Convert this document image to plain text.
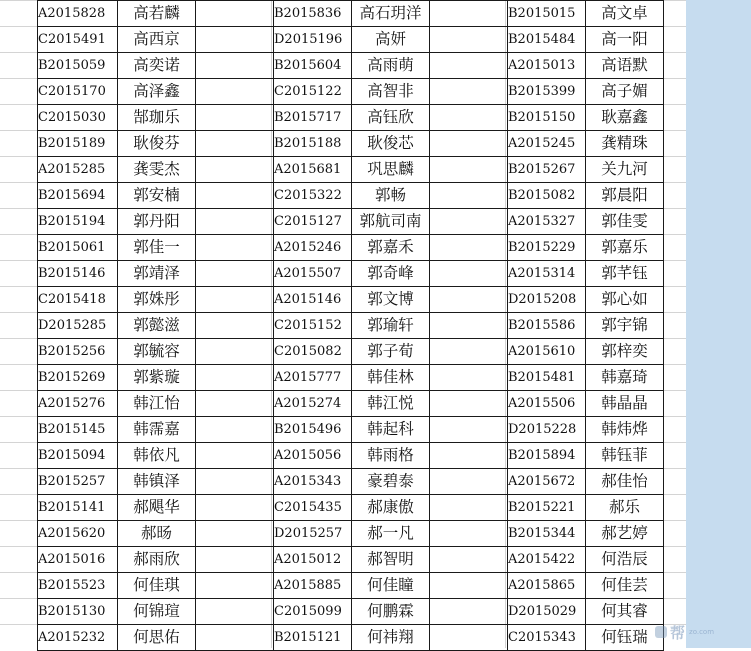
A2015828	高若麟		B2015836	高石玥洋		B2015015	高文卓
C2015491	高西京		D2015196	高妍		B2015484	高一阳
B2015059	高奕诺		B2015604	高雨萌		A2015013	高语默
C2015170	高泽鑫		C2015122	高智非		B2015399	高子媚
C2015030	郜珈乐		B2015717	高钰欣		B2015150	耿嘉鑫
B2015189	耿俊芬		B2015188	耿俊芯		A2015245	龚精珠
A2015285	龚雯杰		A2015681	巩思麟		B2015267	关九河
B2015694	郭安楠		C2015322	郭畅		B2015082	郭晨阳
B2015194	郭丹阳		C2015127	郭航司南		A2015327	郭佳雯
B2015061	郭佳一		A2015246	郭嘉禾		B2015229	郭嘉乐
B2015146	郭靖泽		A2015507	郭奇峰		A2015314	郭芊钰
C2015418	郭姝彤		A2015146	郭文博		D2015208	郭心如
D2015285	郭懿滋		C2015152	郭瑜轩		B2015586	郭宇锦
B2015256	郭毓容		C2015082	郭子荀		A2015610	郭梓奕
B2015269	郭紫璇		A2015777	韩佳林		B2015481	韩嘉琦
A2015276	韩江怡		A2015274	韩江悦		A2015506	韩晶晶
B2015145	韩霈嘉		B2015496	韩起科		D2015228	韩炜烨
B2015094	韩依凡		A2015056	韩雨格		B2015894	韩钰菲
B2015257	韩镇泽		A2015343	豪碧泰		A2015672	郝佳怡
B2015141	郝飓华		C2015435	郝康傲		B2015221	郝乐
A2015620	郝旸		D2015257	郝一凡		B2015344	郝艺婷
A2015016	郝雨欣		A2015012	郝智明		A2015422	何浩辰
B2015523	何佳琪		A2015885	何佳瞳		A2015865	何佳芸
B2015130	何锦瑄		C2015099	何鹏霖		D2015029	何其睿
A2015232	何思佑		B2015121	何祎翔		C2015343	何钰瑞 帮 zo.com
